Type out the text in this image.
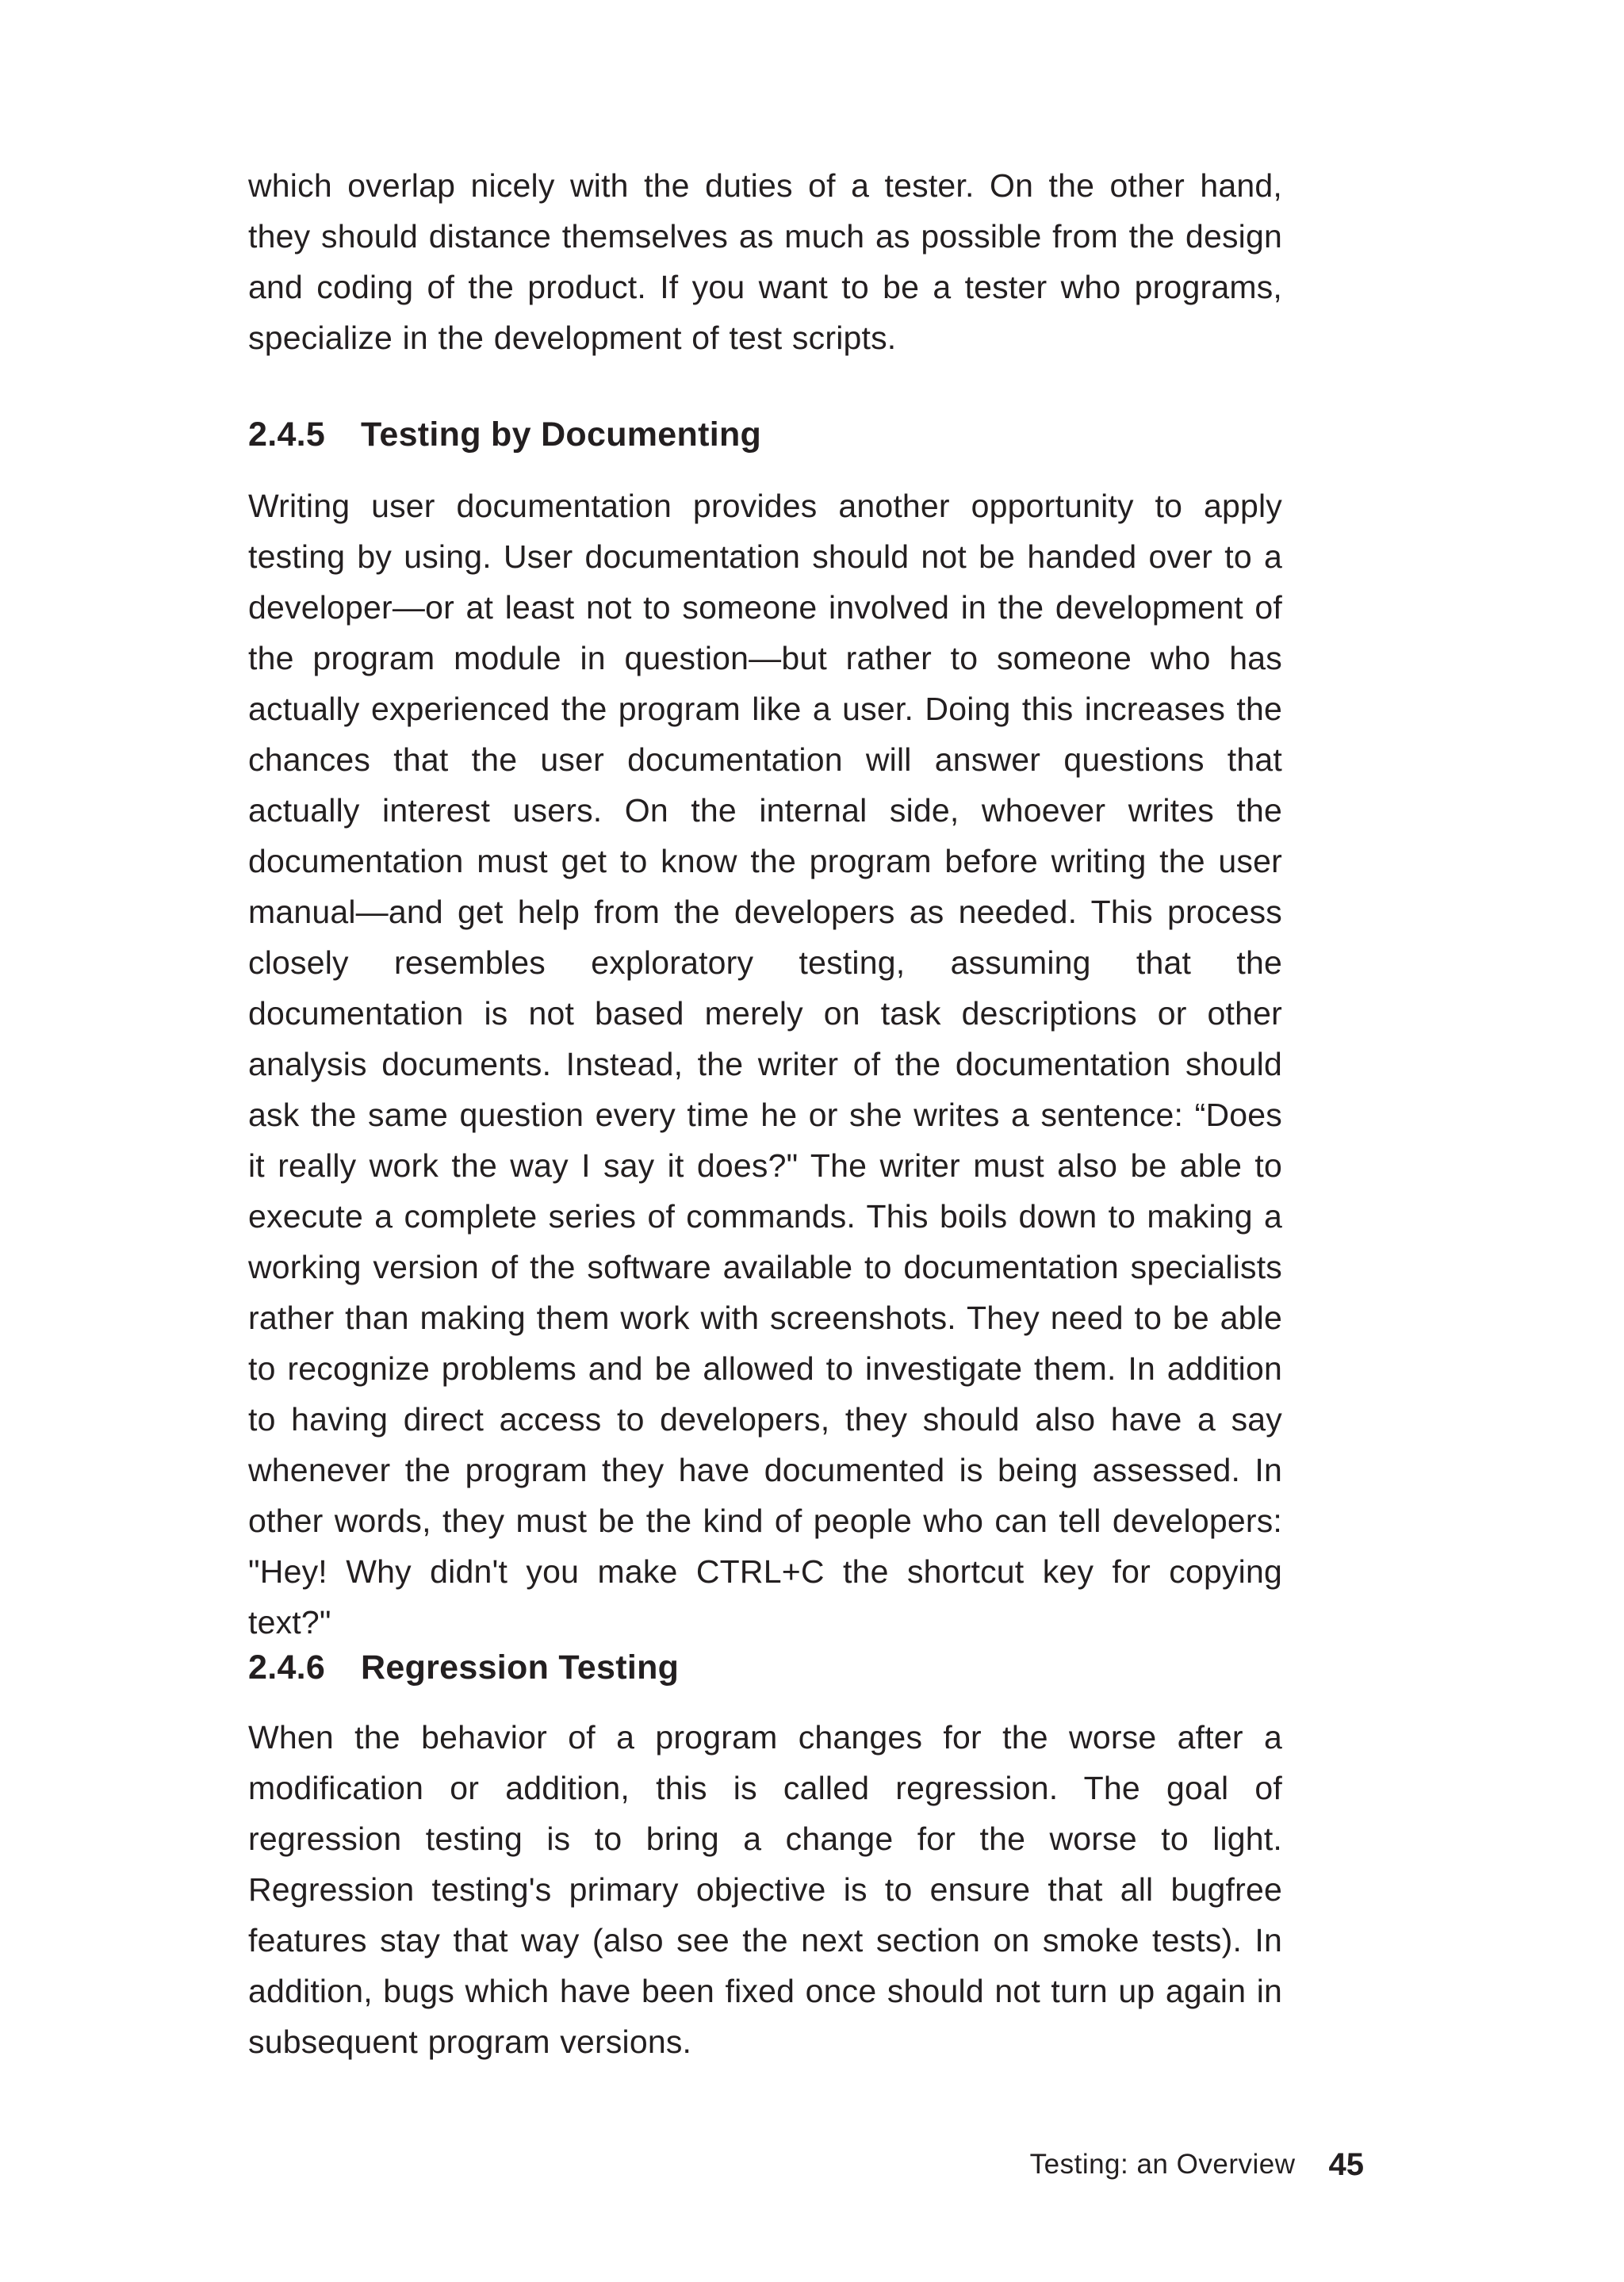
which overlap nicely with the duties of a tester. On the other hand, they should distance themselves as much as possible from the design and coding of the product. If you want to be a tester who programs, specialize in the development of test scripts.

2.4.5 Testing by Documenting

Writing user documentation provides another opportunity to apply testing by using. User documentation should not be handed over to a developer—or at least not to someone involved in the development of the program module in question—but rather to someone who has actually experienced the program like a user. Doing this increases the chances that the user documentation will answer questions that actually interest users. On the internal side, whoever writes the documentation must get to know the program before writing the user manual—and get help from the developers as needed. This process closely resembles exploratory testing, assuming that the documentation is not based merely on task descriptions or other analysis documents. Instead, the writer of the documentation should ask the same question every time he or she writes a sentence: “Does it really work the way I say it does?" The writer must also be able to execute a complete series of commands. This boils down to making a working version of the software available to documentation specialists rather than making them work with screenshots. They need to be able to recognize problems and be allowed to investigate them. In addition to having direct access to developers, they should also have a say whenever the program they have documented is being assessed. In other words, they must be the kind of people who can tell developers: "Hey! Why didn't you make CTRL+C the shortcut key for copying text?"

2.4.6 Regression Testing

When the behavior of a program changes for the worse after a modification or addition, this is called regression. The goal of regression testing is to bring a change for the worse to light. Regression testing's primary objective is to ensure that all bugfree features stay that way (also see the next section on smoke tests). In addition, bugs which have been fixed once should not turn up again in subsequent program versions.

Testing: an Overview 45
